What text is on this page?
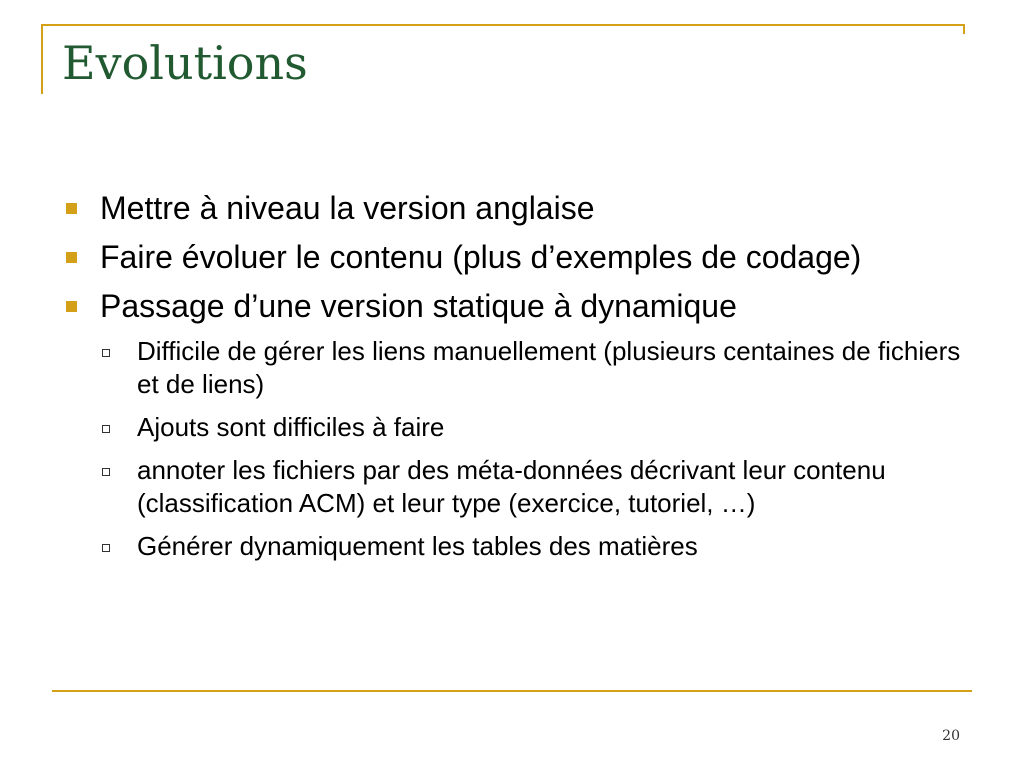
Evolutions
Mettre à niveau la version anglaise
Faire évoluer le contenu (plus d’exemples de codage)
Passage d’une version statique à dynamique
Difficile de gérer les liens manuellement (plusieurs centaines de fichiers et de liens)
Ajouts sont difficiles à faire
annoter les fichiers par des méta-données décrivant leur contenu (classification ACM) et leur type (exercice, tutoriel, …)
Générer dynamiquement les tables des matières
20
